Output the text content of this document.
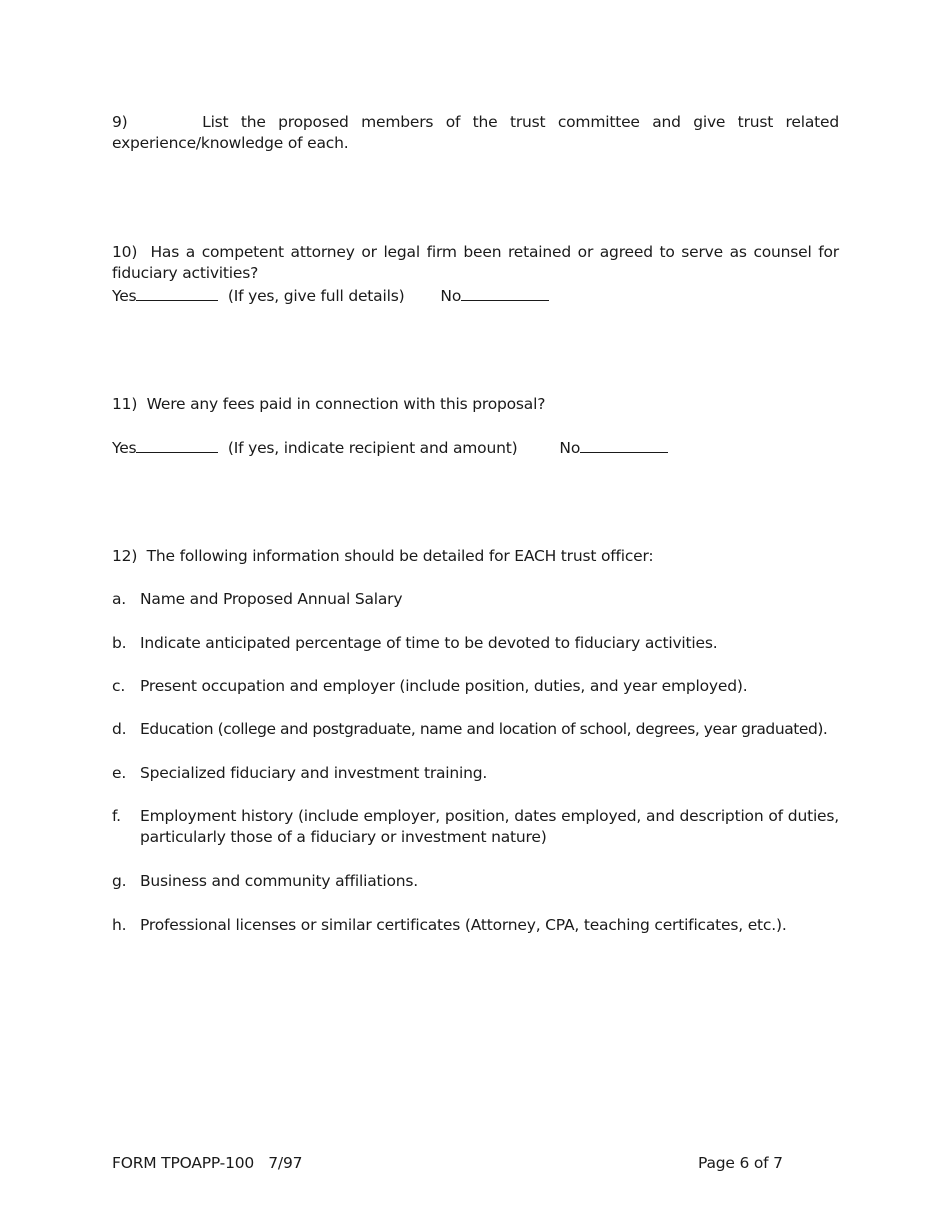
9)	List the proposed members of the trust committee and give trust related experience/knowledge of each.

10) Has a competent attorney or legal firm been retained or agreed to serve as counsel for fiduciary activities?

Yes	(If yes, give full details) No
11) Were any fees paid in connection with this proposal?
Yes	(If yes, indicate recipient and amount)	No
12) The following information should be detailed for EACH trust officer:
a. Name and Proposed Annual Salary
b. Indicate anticipated percentage of time to be devoted to fiduciary activities.
c. Present occupation and employer (include position, duties, and year employed).
d. Education (college and postgraduate, name and location of school, degrees, year graduated).
e. Specialized fiduciary and investment training.
f. Employment history (include employer, position, dates employed, and description of duties, particularly those of a fiduciary or investment nature)
g. Business and community affiliations.
h. Professional licenses or similar certificates (Attorney, CPA, teaching certificates, etc.).
FORM TPOAPP-100 7/97	Page 6 of 7
